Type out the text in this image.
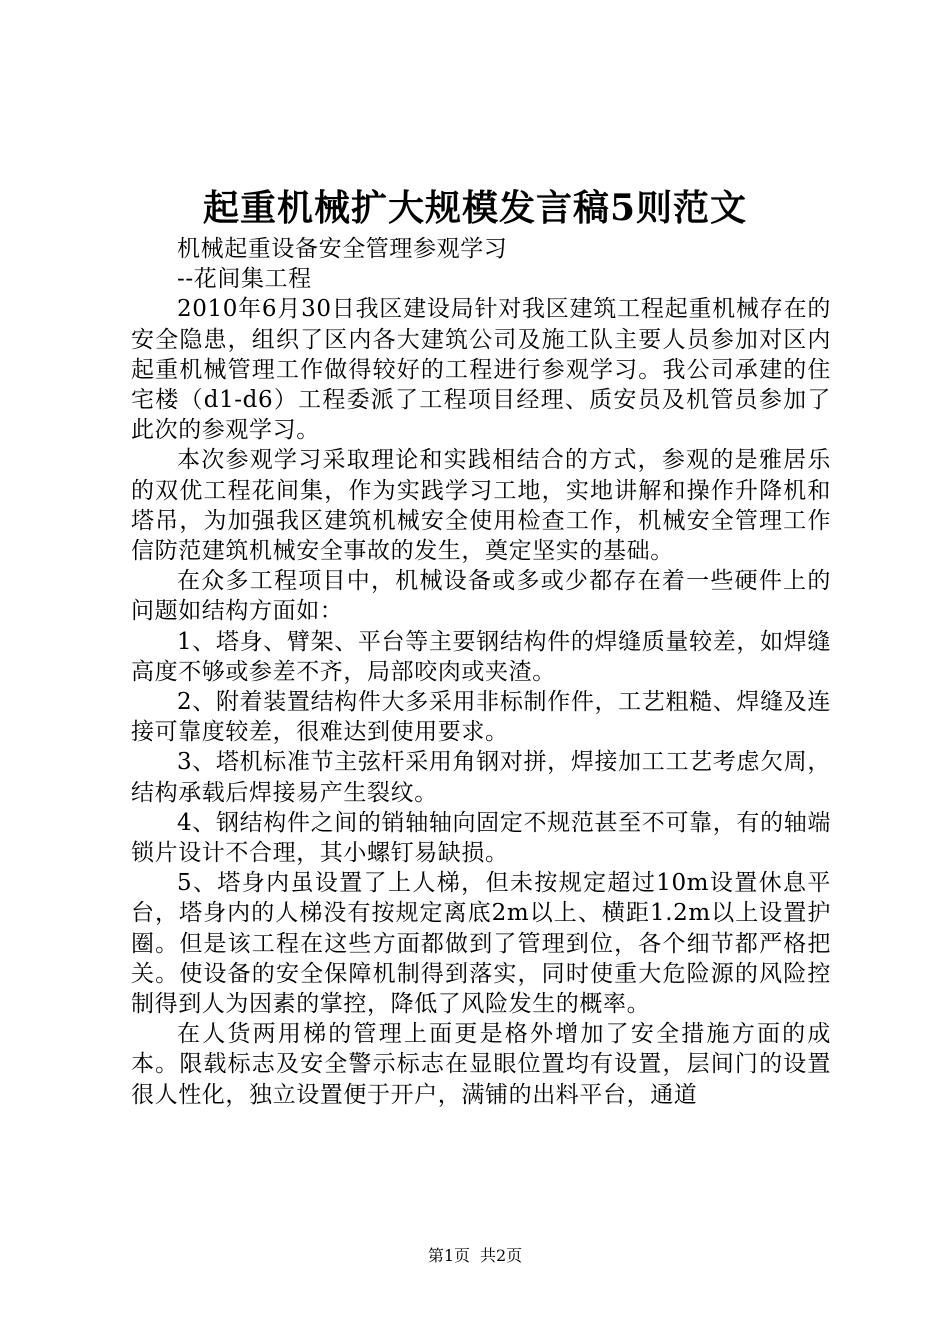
起重机械扩大规模发言稿5则范文

机械起重设备安全管理参观学习

--花间集工程

2010年6月30日我区建设局针对我区建筑工程起重机械存在的安全隐患，组织了区内各大建筑公司及施工队主要人员参加对区内起重机械管理工作做得较好的工程进行参观学习。我公司承建的住宅楼（d1-d6）工程委派了工程项目经理、质安员及机管员参加了此次的参观学习。

本次参观学习采取理论和实践相结合的方式，参观的是雅居乐的双优工程花间集，作为实践学习工地，实地讲解和操作升降机和塔吊，为加强我区建筑机械安全使用检查工作，机械安全管理工作信防范建筑机械安全事故的发生，奠定坚实的基础。

在众多工程项目中，机械设备或多或少都存在着一些硬件上的问题如结构方面如：

1、塔身、臂架、平台等主要钢结构件的焊缝质量较差，如焊缝高度不够或参差不齐，局部咬肉或夹渣。

2、附着装置结构件大多采用非标制作件，工艺粗糙、焊缝及连接可靠度较差，很难达到使用要求。

3、塔机标准节主弦杆采用角钢对拼，焊接加工工艺考虑欠周，结构承载后焊接易产生裂纹。

4、钢结构件之间的销轴轴向固定不规范甚至不可靠，有的轴端锁片设计不合理，其小螺钉易缺损。

5、塔身内虽设置了上人梯，但未按规定超过10m设置休息平台，塔身内的人梯没有按规定离底2m以上、横距1.2m以上设置护圈。但是该工程在这些方面都做到了管理到位，各个细节都严格把关。使设备的安全保障机制得到落实，同时使重大危险源的风险控制得到人为因素的掌控，降低了风险发生的概率。

在人货两用梯的管理上面更是格外增加了安全措施方面的成本。限载标志及安全警示标志在显眼位置均有设置，层间门的设置很人性化，独立设置便于开户，满铺的出料平台，通道

第1页 共2页
